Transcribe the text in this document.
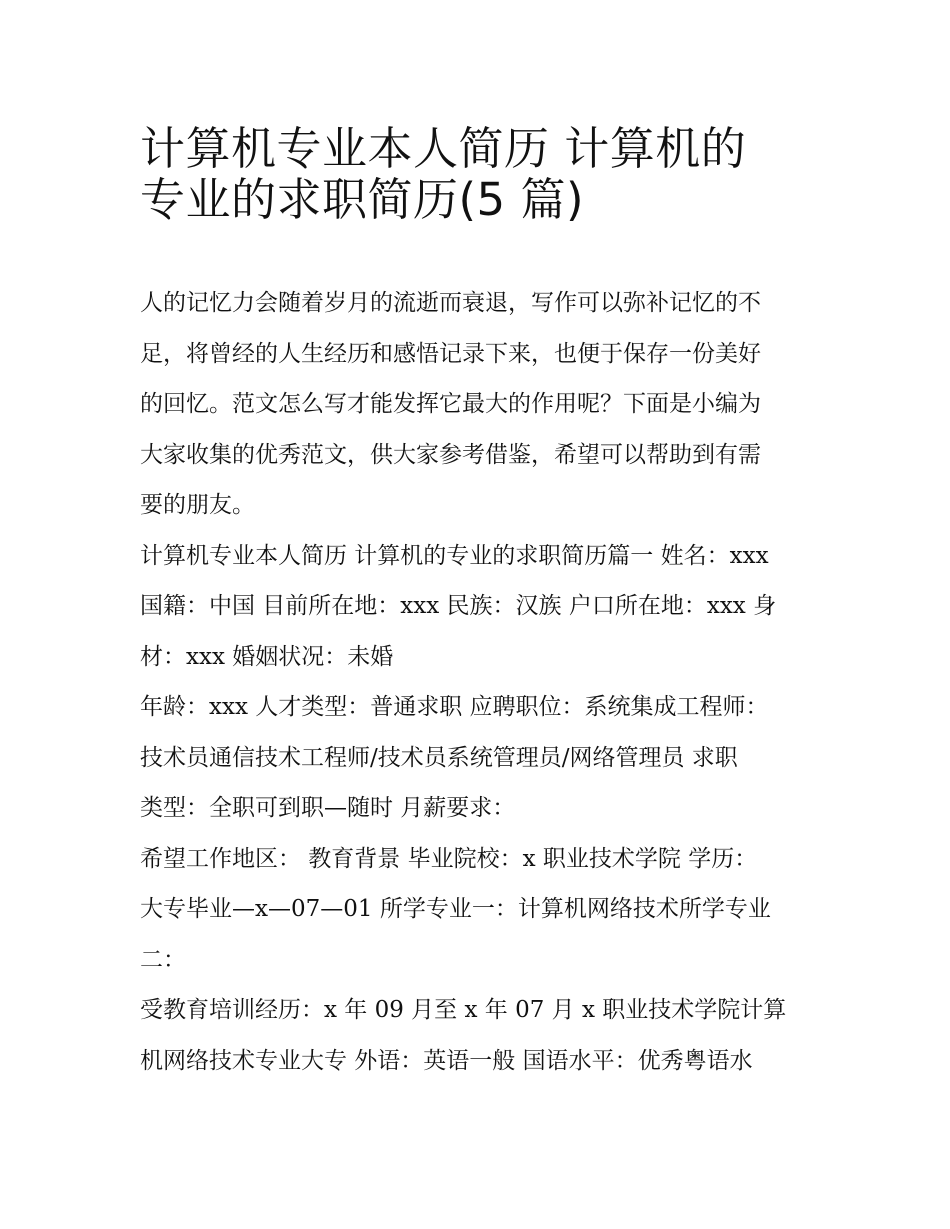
计算机专业本人简历 计算机的
专业的求职简历(5 篇)

人的记忆力会随着岁月的流逝而衰退，写作可以弥补记忆的不
足，将曾经的人生经历和感悟记录下来，也便于保存一份美好
的回忆。范文怎么写才能发挥它最大的作用呢？下面是小编为
大家收集的优秀范文，供大家参考借鉴，希望可以帮助到有需
要的朋友。

计算机专业本人简历 计算机的专业的求职简历篇一 姓名：xxx
国籍：中国 目前所在地：xxx 民族：汉族 户口所在地：xxx 身
材：xxx 婚姻状况：未婚

年龄：xxx 人才类型：普通求职 应聘职位：系统集成工程师：
技术员通信技术工程师/技术员系统管理员/网络管理员 求职
类型：全职可到职—随时 月薪要求：

希望工作地区： 教育背景 毕业院校：x 职业技术学院 学历：
大专毕业—x—07—01 所学专业一：计算机网络技术所学专业
二：

受教育培训经历：x 年 09 月至 x 年 07 月 x 职业技术学院计算
机网络技术专业大专 外语：英语一般 国语水平：优秀粤语水
